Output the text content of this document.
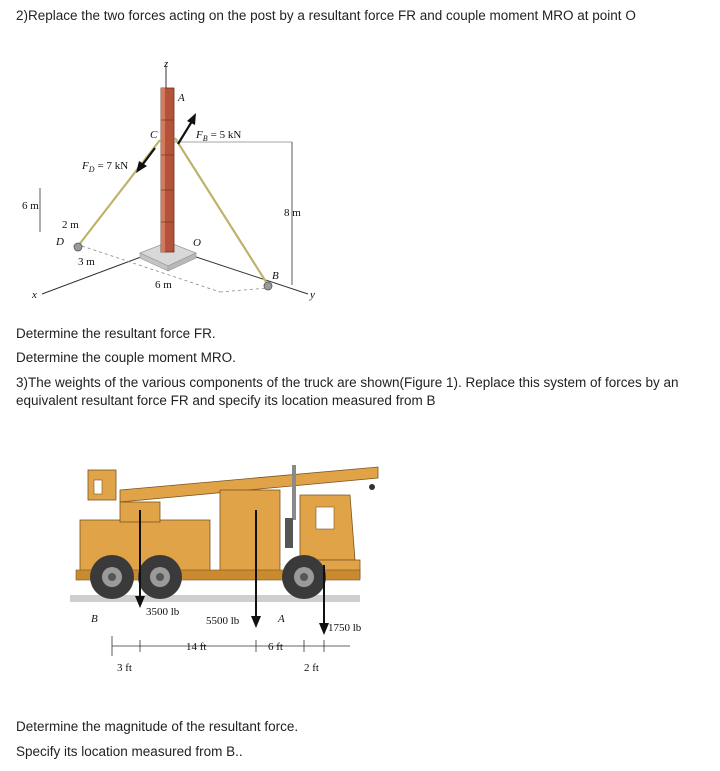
2)Replace the two forces acting on the post by a resultant force FR and couple moment MRO at point O
z
A
C	$F_B = 5$ kN
$F_D = 7$ kN
6 m
2 m
D
3 m
6 m
O
8 m
B
x	y
Determine the resultant force FR.
Determine the couple moment MRO.
3)The weights of the various components of the truck are shown(Figure 1). Replace this system of forces by an equivalent resultant force FR and specify its location measured from B
B	A
3500 lb
5500 lb
1750 lb
3 ft
14 ft	6 ft
2 ft
Determine the magnitude of the resultant force.
Specify its location measured from B..
